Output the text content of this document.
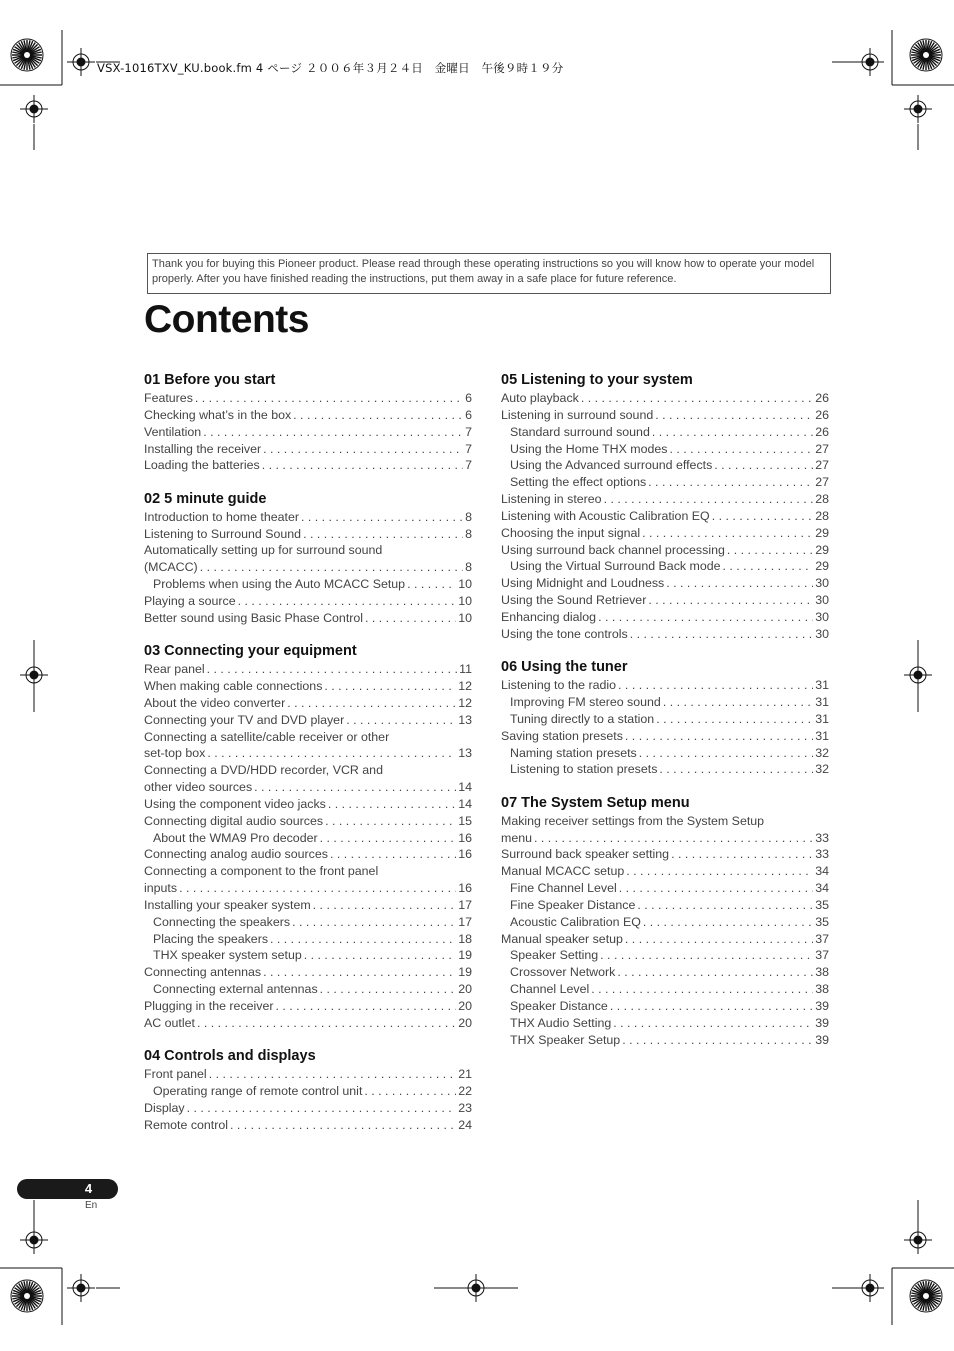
VSX-1016TXV_KU.book.fm 4 ページ ２００６年３月２４日　金曜日　午後９時１９分
Thank you for buying this Pioneer product. Please read through these operating instructions so you will know how to operate your model properly. After you have finished reading the instructions, put them away in a safe place for future reference.
Contents
01 Before you start
Features . . .	6
Checking what’s in the box . . .	6
Ventilation . . .	7
Installing the receiver . . .	7
Loading the batteries . . .	7
02 5 minute guide
Introduction to home theater . . .	8
Listening to Surround Sound . . .	8
Automatically setting up for surround sound
(MCACC) . . .	8
Problems when using the Auto MCACC Setup . . .	10
Playing a source . . .	10
Better sound using Basic Phase Control . . .	10
03 Connecting your equipment
Rear panel . . .	11
When making cable connections . . .	12
About the video converter . . .	12
Connecting your TV and DVD player . . .	13
Connecting a satellite/cable receiver or other
set-top box . . .	13
Connecting a DVD/HDD recorder, VCR and
other video sources . . .	14
Using the component video jacks . . .	14
Connecting digital audio sources . . .	15
About the WMA9 Pro decoder . . .	16
Connecting analog audio sources . . .	16
Connecting a component to the front panel
inputs . . .	16
Installing your speaker system . . .	17
Connecting the speakers . . .	17
Placing the speakers . . .	18
THX speaker system setup . . .	19
Connecting antennas . . .	19
Connecting external antennas . . .	20
Plugging in the receiver . . .	20
AC outlet . . .	20
04 Controls and displays
Front panel . . .	21
Operating range of remote control unit . . .	22
Display . . .	23
Remote control . . .	24
05 Listening to your system
Auto playback . . .	26
Listening in surround sound . . .	26
Standard surround sound . . .	26
Using the Home THX modes . . .	27
Using the Advanced surround effects . . .	27
Setting the effect options . . .	27
Listening in stereo . . .	28
Listening with Acoustic Calibration EQ . . .	28
Choosing the input signal . . .	29
Using surround back channel processing . . .	29
Using the Virtual Surround Back mode . . .	29
Using Midnight and Loudness . . .	30
Using the Sound Retriever . . .	30
Enhancing dialog . . .	30
Using the tone controls . . .	30
06 Using the tuner
Listening to the radio . . .	31
Improving FM stereo sound . . .	31
Tuning directly to a station . . .	31
Saving station presets . . .	31
Naming station presets . . .	32
Listening to station presets . . .	32
07 The System Setup menu
Making receiver settings from the System Setup
menu . . .	33
Surround back speaker setting . . .	33
Manual MCACC setup . . .	34
Fine Channel Level . . .	34
Fine Speaker Distance . . .	35
Acoustic Calibration EQ . . .	35
Manual speaker setup . . .	37
Speaker Setting . . .	37
Crossover Network . . .	38
Channel Level . . .	38
Speaker Distance . . .	39
THX Audio Setting . . .	39
THX Speaker Setup . . .	39
4
En
